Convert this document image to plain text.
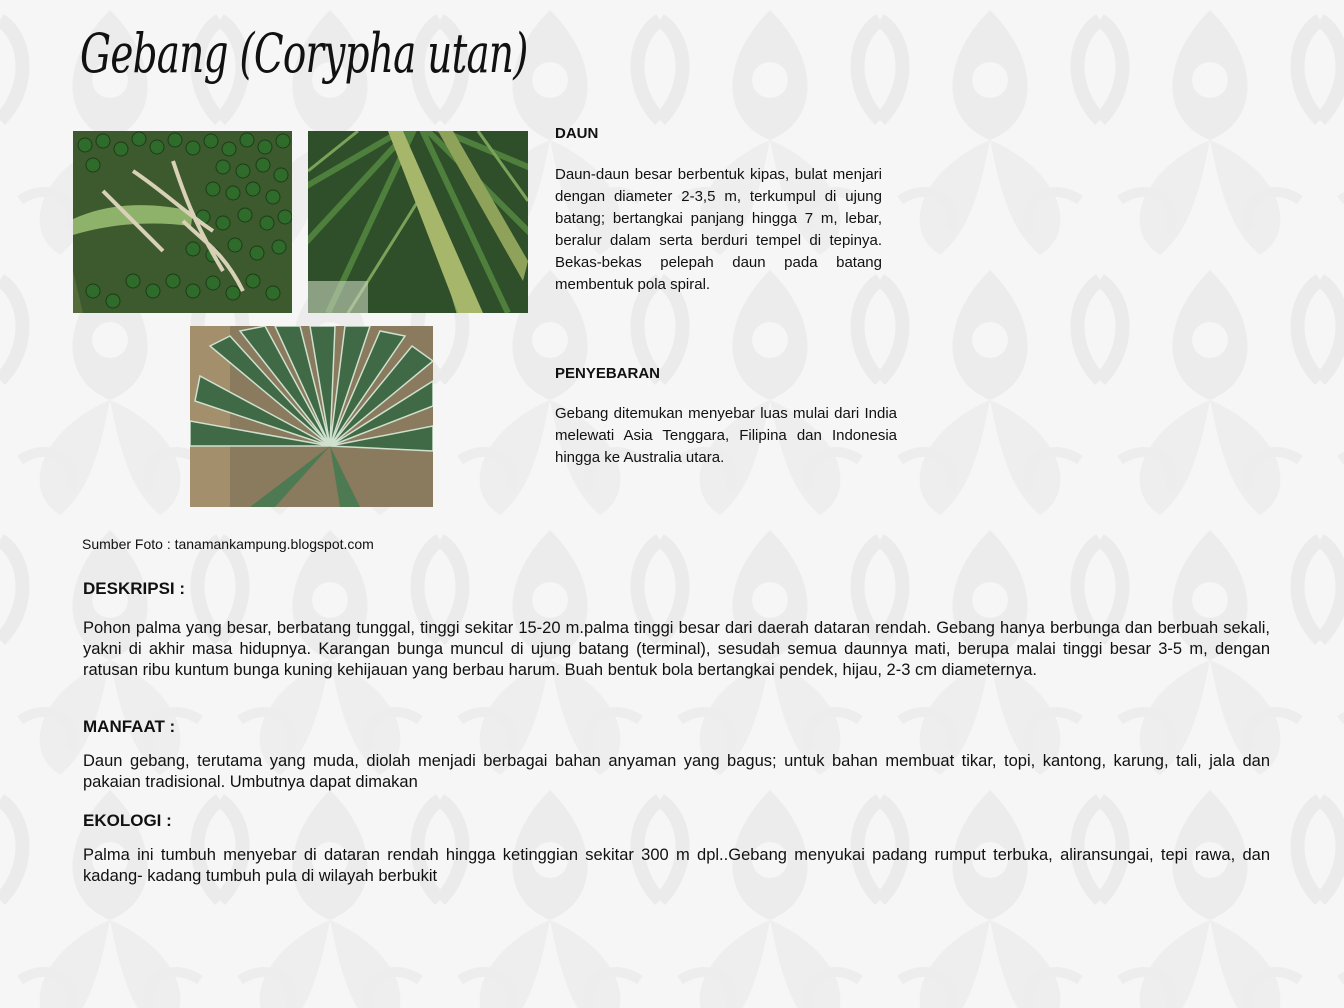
Gebang (Corypha utan)
DAUN

Daun-daun besar berbentuk kipas, bulat menjari dengan diameter 2-3,5 m, terkumpul di ujung batang; bertangkai panjang hingga 7 m, lebar, beralur dalam serta berduri tempel di tepinya. Bekas-bekas pelepah daun pada batang membentuk pola spiral.

PENYEBARAN

Gebang ditemukan menyebar luas mulai dari India melewati Asia Tenggara, Filipina dan Indonesia hingga ke Australia utara.

Sumber Foto : tanamankampung.blogspot.com

DESKRIPSI :

Pohon palma yang besar, berbatang tunggal, tinggi sekitar 15-20 m.palma tinggi besar dari daerah dataran rendah. Gebang hanya berbunga dan berbuah sekali, yakni di akhir masa hidupnya. Karangan bunga muncul di ujung batang (terminal), sesudah semua daunnya mati, berupa malai tinggi besar 3-5 m, dengan ratusan ribu kuntum bunga kuning kehijauan yang berbau harum. Buah bentuk bola bertangkai pendek, hijau, 2-3 cm diameternya.

MANFAAT :

Daun gebang, terutama yang muda, diolah menjadi berbagai bahan anyaman yang bagus; untuk bahan membuat tikar, topi, kantong, karung, tali, jala dan pakaian tradisional. Umbutnya dapat dimakan

EKOLOGI :

Palma ini tumbuh menyebar di dataran rendah hingga ketinggian sekitar 300 m dpl..Gebang menyukai padang rumput terbuka, aliransungai, tepi rawa, dan kadang- kadang tumbuh pula di wilayah berbukit
